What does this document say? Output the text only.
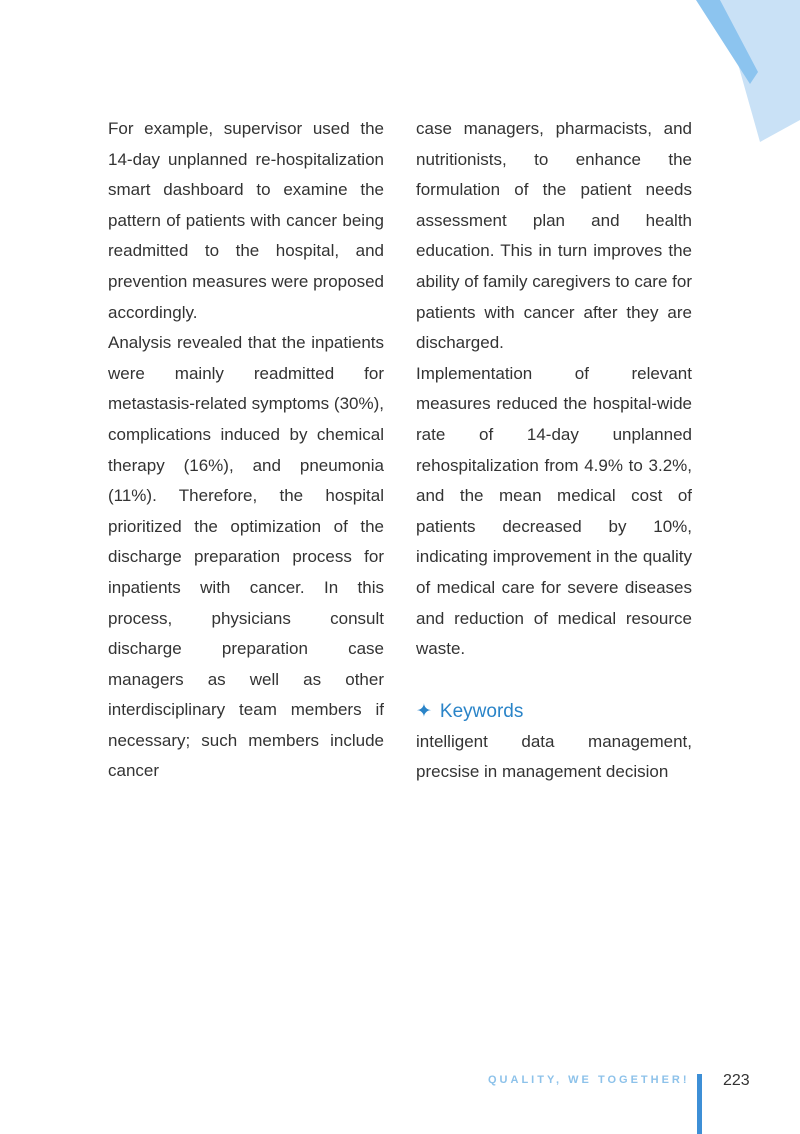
For example, supervisor used the 14-day unplanned re-hospitalization smart dashboard to examine the pattern of patients with cancer being readmitted to the hospital, and prevention measures were proposed accordingly.

Analysis revealed that the inpatients were mainly readmitted for metastasis-related symptoms (30%), complications induced by chemical therapy (16%), and pneumonia (11%). Therefore, the hospital prioritized the optimization of the discharge preparation process for inpatients with cancer. In this process, physicians consult discharge preparation case managers as well as other interdisciplinary team members if necessary; such members include cancer

case managers, pharmacists, and nutritionists, to enhance the formulation of the patient needs assessment plan and health education. This in turn improves the ability of family caregivers to care for patients with cancer after they are discharged.

Implementation of relevant measures reduced the hospital-wide rate of 14-day unplanned rehospitalization from 4.9% to 3.2%, and the mean medical cost of patients decreased by 10%, indicating improvement in the quality of medical care for severe diseases and reduction of medical resource waste.

✦ Keywords

intelligent data management, precsise in management decision

QUALITY, WE TOGETHER! 223
